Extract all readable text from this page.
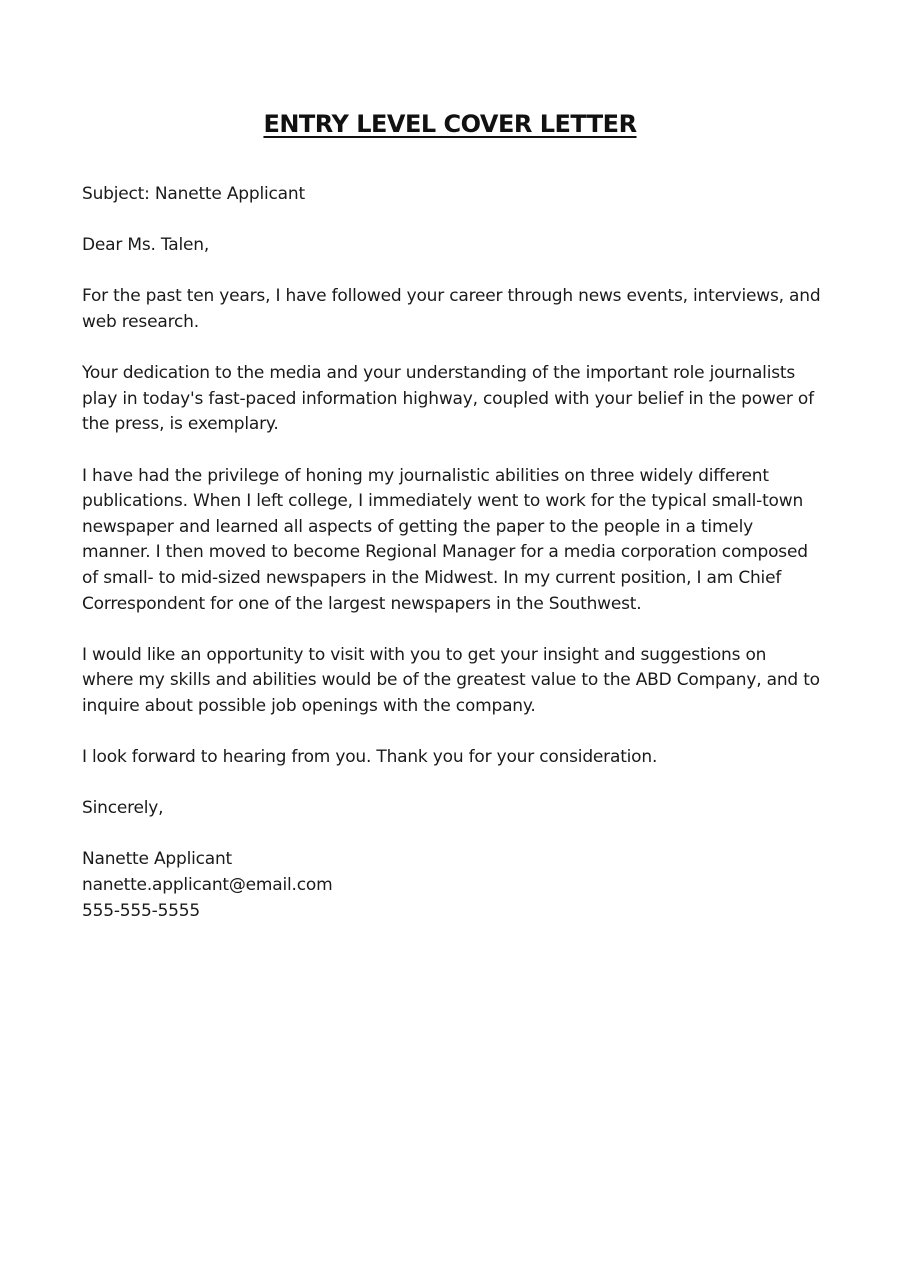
ENTRY LEVEL COVER LETTER

Subject: Nanette Applicant

Dear Ms. Talen,

For the past ten years, I have followed your career through news events, interviews, and web research.

Your dedication to the media and your understanding of the important role journalists play in today's fast-paced information highway, coupled with your belief in the power of the press, is exemplary.

I have had the privilege of honing my journalistic abilities on three widely different publications. When I left college, I immediately went to work for the typical small-town newspaper and learned all aspects of getting the paper to the people in a timely manner. I then moved to become Regional Manager for a media corporation composed of small- to mid-sized newspapers in the Midwest. In my current position, I am Chief Correspondent for one of the largest newspapers in the Southwest.

I would like an opportunity to visit with you to get your insight and suggestions on where my skills and abilities would be of the greatest value to the ABD Company, and to inquire about possible job openings with the company.

I look forward to hearing from you. Thank you for your consideration.

Sincerely,

Nanette Applicant
nanette.applicant@email.com
555-555-5555
